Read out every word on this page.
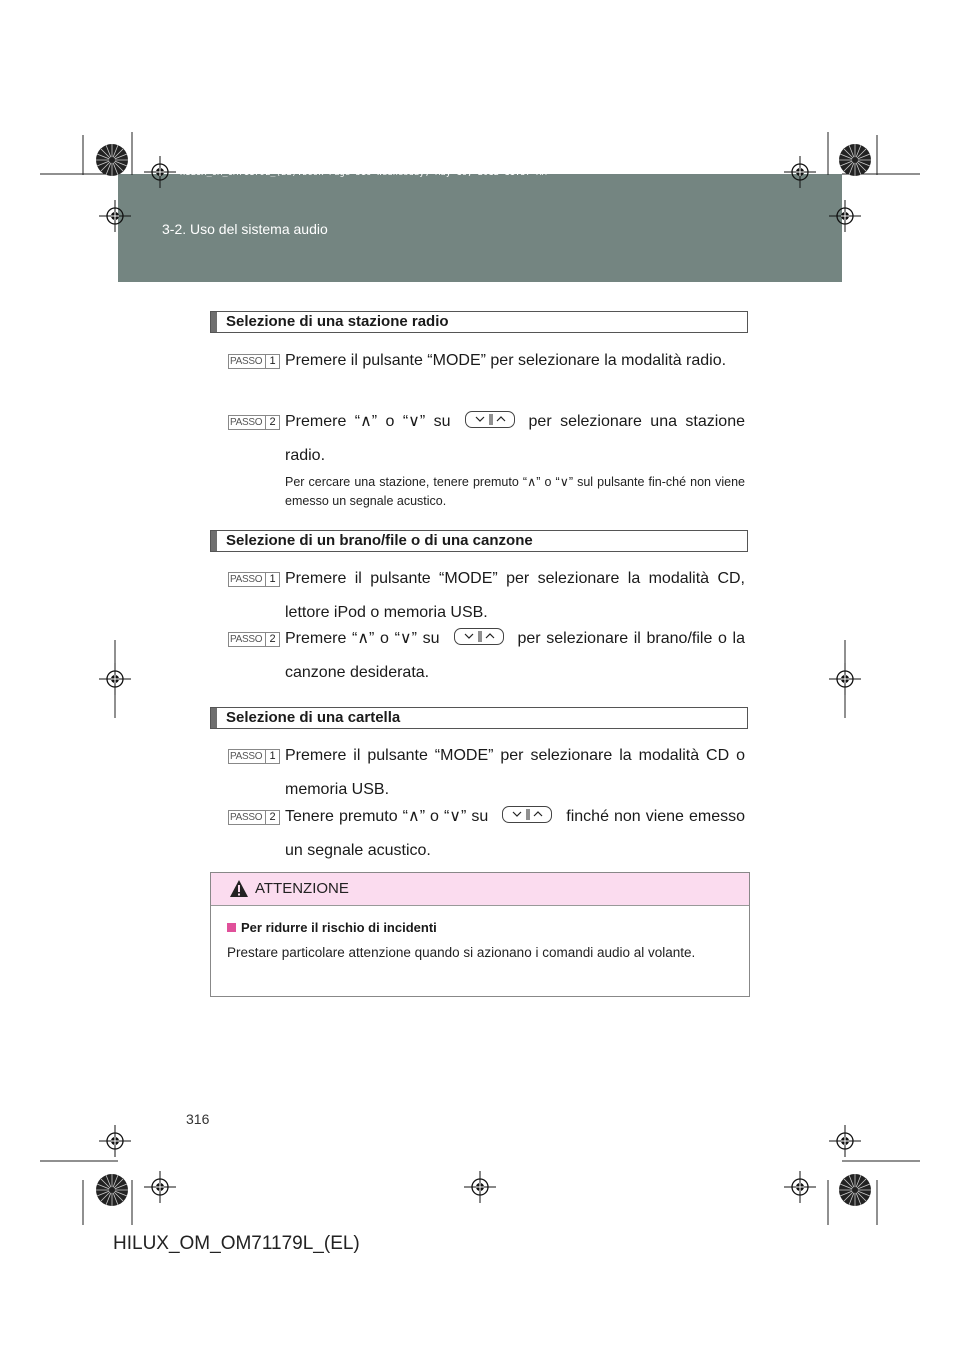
3-2. Uso del sistema audio
HILUX_OM_OM71179L_(EL).book Page 316 Wednesday, May 16, 2012 11:37 AM
Selezione di una stazione radio
PASSO 1 Premere il pulsante “MODE” per selezionare la modalità radio.
PASSO 2 Premere “∧” o “∨” su	per selezionare una stazione radio.
Per cercare una stazione, tenere premuto “∧” o “∨” sul pulsante fin-ché non viene emesso un segnale acustico.
Selezione di un brano/file o di una canzone
PASSO 1 Premere il pulsante “MODE” per selezionare la modalità CD, lettore iPod o memoria USB.
PASSO 2 Premere “∧” o “∨” su	per selezionare il brano/file o la canzone desiderata.
Selezione di una cartella
PASSO 1 Premere il pulsante “MODE” per selezionare la modalità CD o memoria USB.
PASSO 2 Tenere premuto “∧” o “∨” su	finché non viene emesso un segnale acustico.
ATTENZIONE
Per ridurre il rischio di incidenti
Prestare particolare attenzione quando si azionano i comandi audio al volante.
316
HILUX_OM_OM71179L_(EL)
